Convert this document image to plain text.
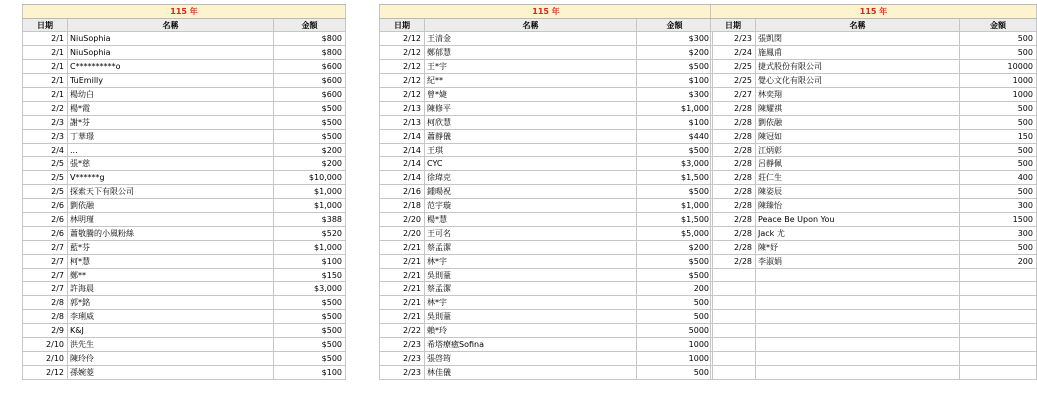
115 年
日期	名稱	金額
2/1 NiuSophia	$800
2/1 NiuSophia	$800
2/1 C**********o	$600
2/1 TuEmilly	$600
2/1 楊幼白	$600
2/2 楊*霞	$500
2/3 謝*芬	$500
2/3 丁華璟	$500
2/4 ...	$200
2/5 張*慈	$200
2/5 V******g	$10,000
2/5 探索天下有限公司	$1,000
2/6 劉依融	$1,000
2/6 林明瑾	$388
2/6 蕭敬騰的小風粉絲	$520
2/7 藍*芬	$1,000
2/7 柯*慧	$100
2/7 鄭**	$150
2/7 許海晨	$3,000
2/8 郭*銘	$500
2/8 李琍威	$500
2/9 K&J	$500
2/10 洪先生	$500
2/10 陳玲伶	$500
2/12 孫婉菱	$100
115 年
日期	名稱	金額
2/12 王清金	$300
2/12 鄭郁慧	$200
2/12 王*宇	$500
2/12 紀**	$100
2/12 曾*婕	$300
2/13 陳修平	$1,000
2/13 柯欣慧	$100
2/14 蕭靜儀	$440
2/14 王琪	$500
2/14 CYC	$3,000
2/14 徐瑋克	$1,500
2/16 鍾暘祝	$500
2/18 范宇璇	$1,000
2/20 楊*慧	$1,500
2/20 王可名	$5,000
2/21 蔡孟潔	$200
2/21 林*宇	$500
2/21 吳則蕫	$500
2/21 蔡孟潔	200
2/21 林*宇	500
2/21 吳則蕫	500
2/22 賴*玲	5000
2/23 希塔療癒Sofina	1000
2/23 張啓筠	1000
2/23 林佳儀	500
115 年
日期	名稱	金額
2/23 張凱閔	500
2/24 施鳳甫	500
2/25 捷式股份有限公司	10000
2/25 覺心文化有限公司	1000
2/27 林奕翔	1000
2/28 陳耀祺	500
2/28 劉依融	500
2/28 陳冠如	150
2/28 江炳彰	500
2/28 呂靜佩	500
2/28 莊仁生	400
2/28 陳姿辰	500
2/28 陳臻怡	300
2/28 Peace Be Upon You	1500
2/28 Jack 尤	300
2/28 陳*妤	500
2/28 李淑娟	200
